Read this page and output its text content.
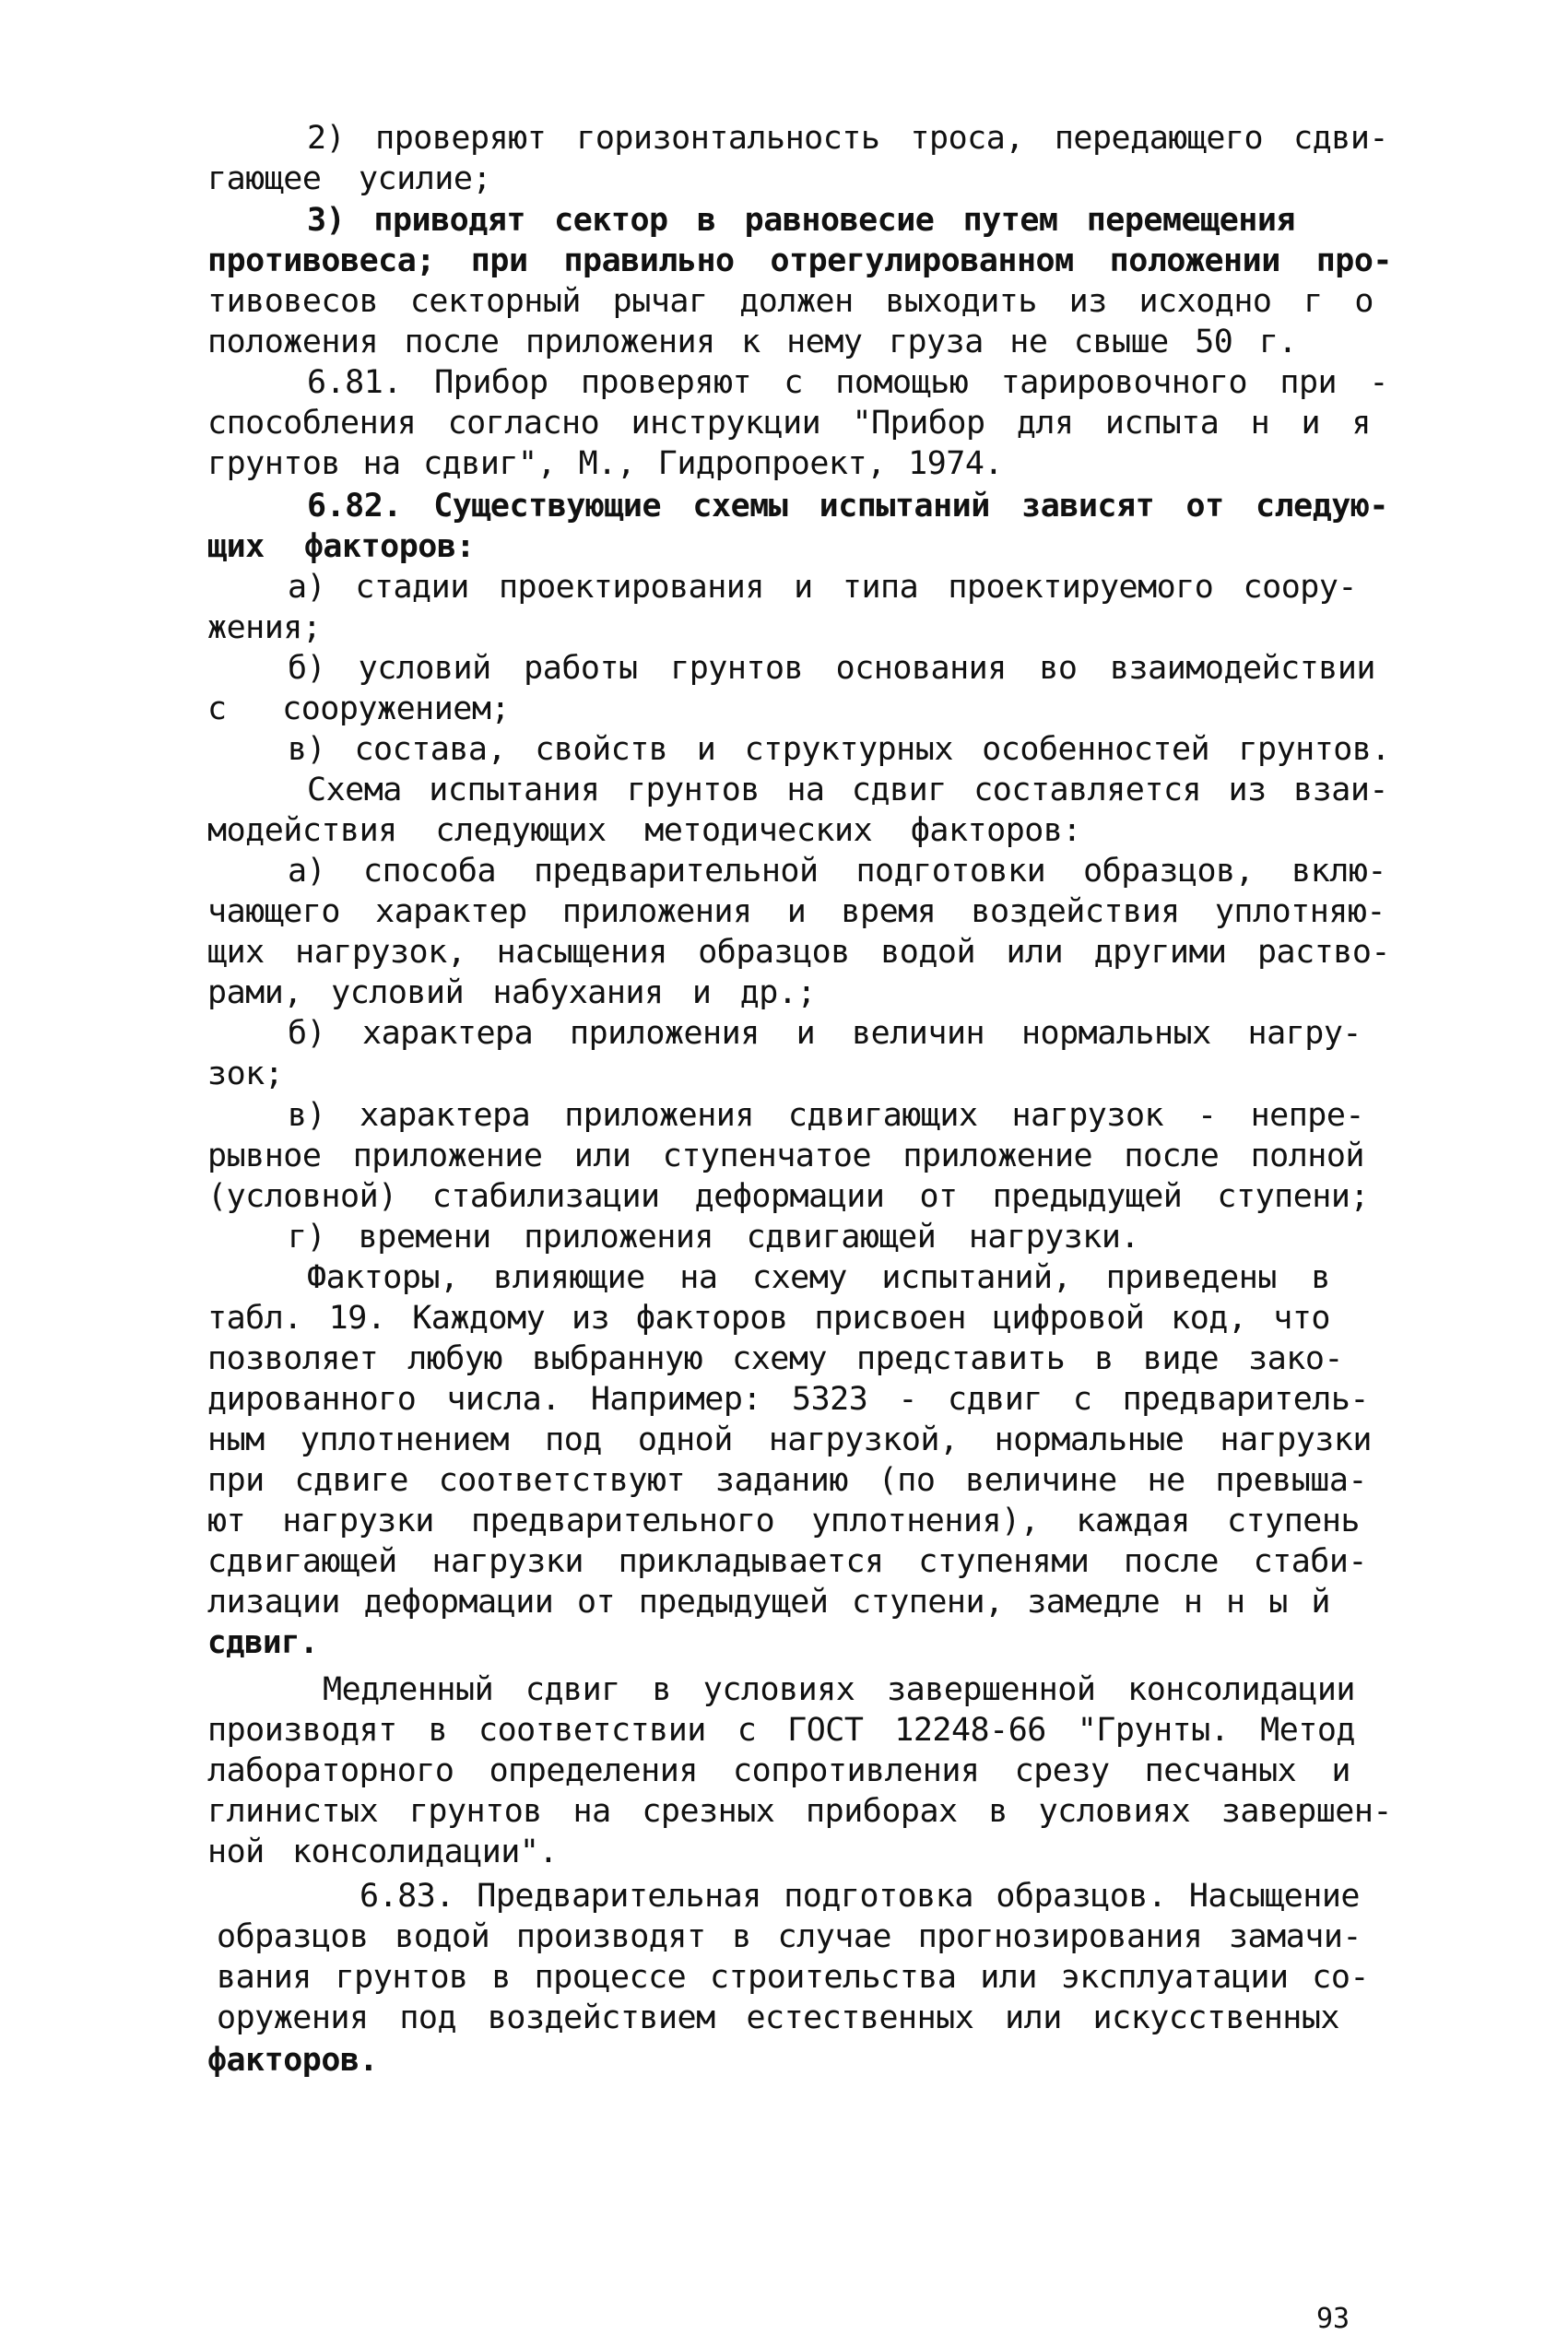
2) проверяют горизонтальность троса, передающего сдви-
гающее усилие;
3) приводят сектор в равновесие путем перемещения
противовеса; при правильно отрегулированном положении про-
тивовесов секторный рычаг должен выходить из исходно г о
положения после приложения к нему груза не свыше 50 г.
6.81. Прибор проверяют с помощью тарировочного при -
способления согласно инструкции "Прибор для испыта н и я
грунтов на сдвиг", М., Гидропроект, 1974.
6.82. Существующие схемы испытаний зависят от следую-
щих факторов:
а) стадии проектирования и типа проектируемого соору-
жения;
б) условий работы грунтов основания во взаимодействии
с сооружением;
в) состава, свойств и структурных особенностей грунтов.
Схема испытания грунтов на сдвиг составляется из взаи-
модействия следующих методических факторов:
а) способа предварительной подготовки образцов, вклю-
чающего характер приложения и время воздействия уплотняю-
щих нагрузок, насыщения образцов водой или другими раство-
рами, условий набухания и др.;
б) характера приложения и величин нормальных нагру-
зок;
в) характера приложения сдвигающих нагрузок - непре-
рывное приложение или ступенчатое приложение после полной
(условной) стабилизации деформации от предыдущей ступени;
г) времени приложения сдвигающей нагрузки.
Факторы, влияющие на схему испытаний, приведены в
табл. 19. Каждому из факторов присвоен цифровой код, что
позволяет любую выбранную схему представить в виде зако-
дированного числа. Например: 5323 - сдвиг с предваритель-
ным уплотнением под одной нагрузкой, нормальные нагрузки
при сдвиге соответствуют заданию (по величине не превыша-
ют нагрузки предварительного уплотнения), каждая ступень
сдвигающей нагрузки прикладывается ступенями после стаби-
лизации деформации от предыдущей ступени, замедле н н ы й
сдвиг.
Медленный сдвиг в условиях завершенной консолидации
производят в соответствии с ГОСТ 12248-66 "Грунты. Метод
лабораторного определения сопротивления срезу песчаных и
глинистых грунтов на срезных приборах в условиях завершен-
ной консолидации".
6.83. Предварительная подготовка образцов. Насыщение
образцов водой производят в случае прогнозирования замачи-
вания грунтов в процессе строительства или эксплуатации со-
оружения под воздействием естественных или искусственных
факторов.
93
